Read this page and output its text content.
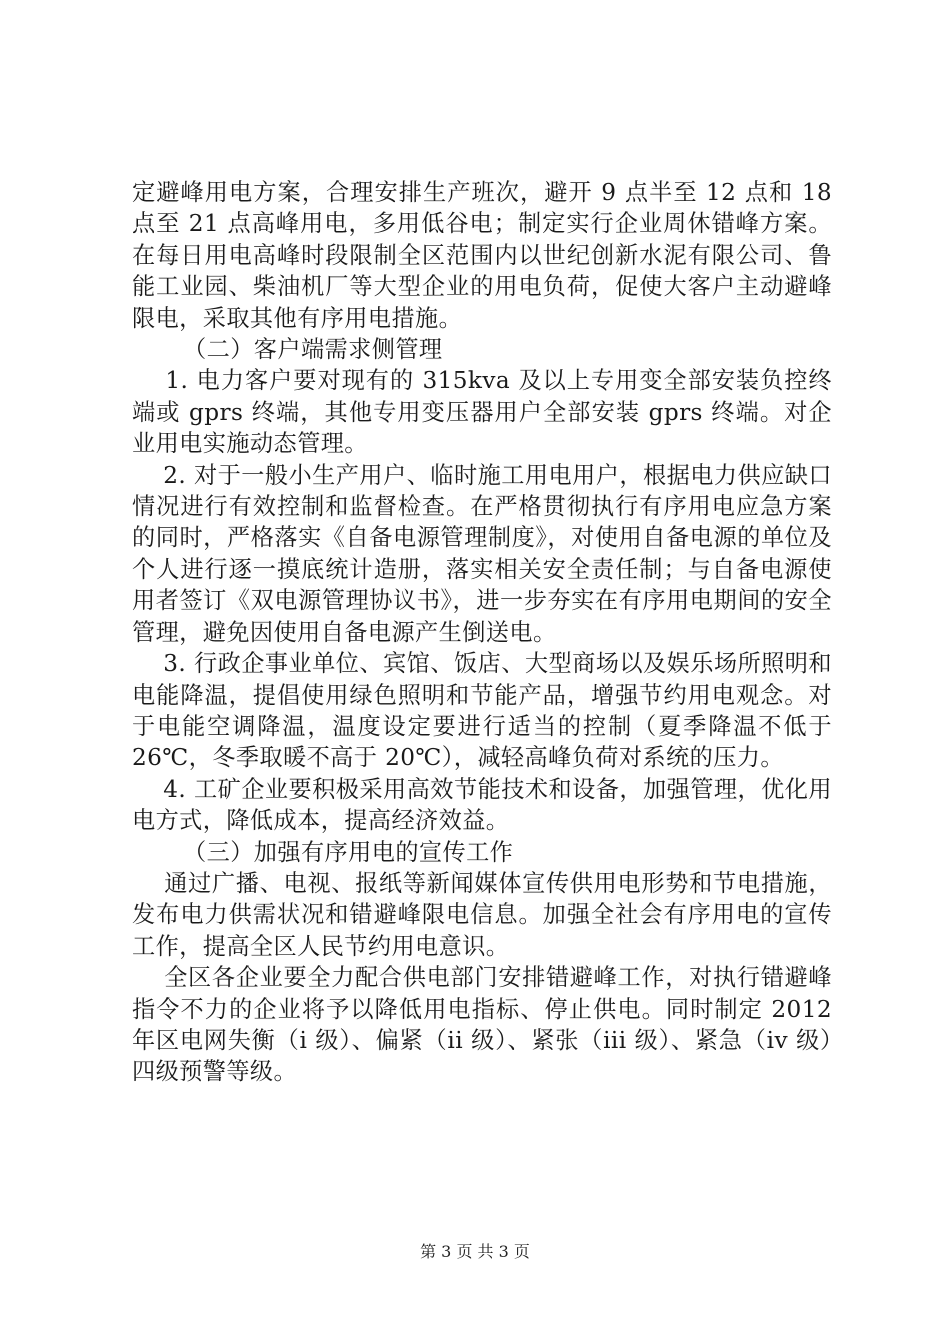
定避峰用电方案，合理安排生产班次，避开 9 点半至 12 点和 18 点至 21 点高峰用电，多用低谷电；制定实行企业周休错峰方案。在每日用电高峰时段限制全区范围内以世纪创新水泥有限公司、鲁能工业园、柴油机厂等大型企业的用电负荷，促使大客户主动避峰限电，采取其他有序用电措施。

（二）客户端需求侧管理

1. 电力客户要对现有的 315kva 及以上专用变全部安装负控终端或 gprs 终端，其他专用变压器用户全部安装 gprs 终端。对企业用电实施动态管理。

2. 对于一般小生产用户、临时施工用电用户，根据电力供应缺口情况进行有效控制和监督检查。在严格贯彻执行有序用电应急方案的同时，严格落实《自备电源管理制度》，对使用自备电源的单位及个人进行逐一摸底统计造册，落实相关安全责任制；与自备电源使用者签订《双电源管理协议书》，进一步夯实在有序用电期间的安全管理，避免因使用自备电源产生倒送电。

3. 行政企事业单位、宾馆、饭店、大型商场以及娱乐场所照明和电能降温，提倡使用绿色照明和节能产品，增强节约用电观念。对于电能空调降温，温度设定要进行适当的控制（夏季降温不低于 26℃，冬季取暖不高于 20℃），减轻高峰负荷对系统的压力。

4. 工矿企业要积极采用高效节能技术和设备，加强管理，优化用电方式，降低成本，提高经济效益。

（三）加强有序用电的宣传工作

通过广播、电视、报纸等新闻媒体宣传供用电形势和节电措施，发布电力供需状况和错避峰限电信息。加强全社会有序用电的宣传工作，提高全区人民节约用电意识。

全区各企业要全力配合供电部门安排错避峰工作，对执行错避峰指令不力的企业将予以降低用电指标、停止供电。同时制定 2012 年区电网失衡（i 级）、偏紧（ii 级）、紧张（iii 级）、紧急（iv 级）四级预警等级。

第 3 页 共 3 页
